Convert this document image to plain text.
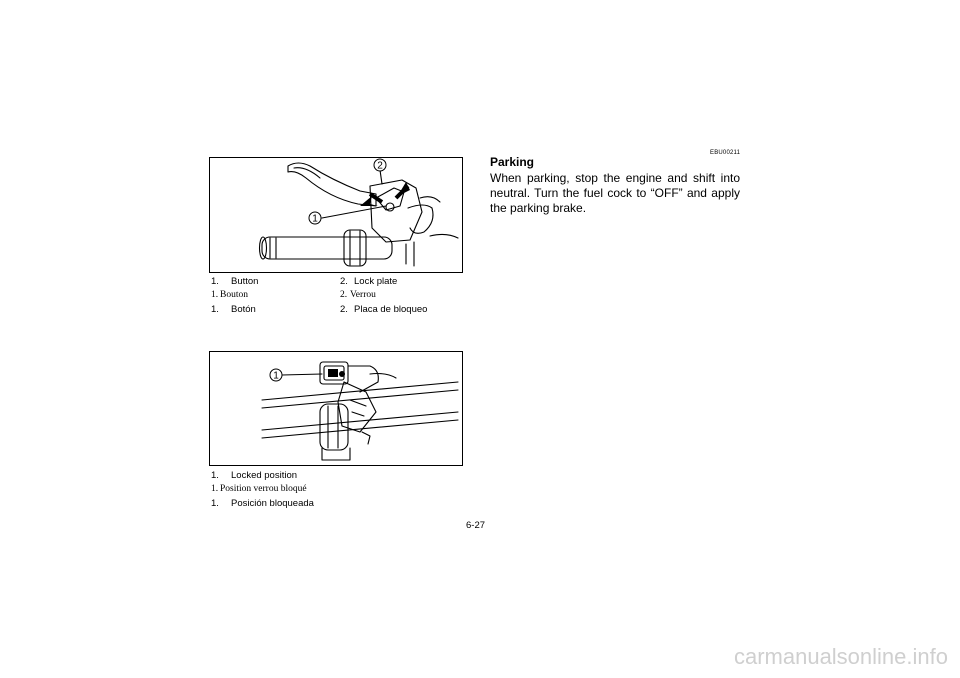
2
1
1. Button	2. Lock plate
1. Bouton	2. Verrou
1. Botón	2. Placa de bloqueo
1
1. Locked position
1. Position verrou bloqué
1. Posición bloqueada
EBU00211
Parking
When parking, stop the engine and shift into neutral. Turn the fuel cock to “OFF” and apply the parking brake.
6-27
carmanualsonline.info
